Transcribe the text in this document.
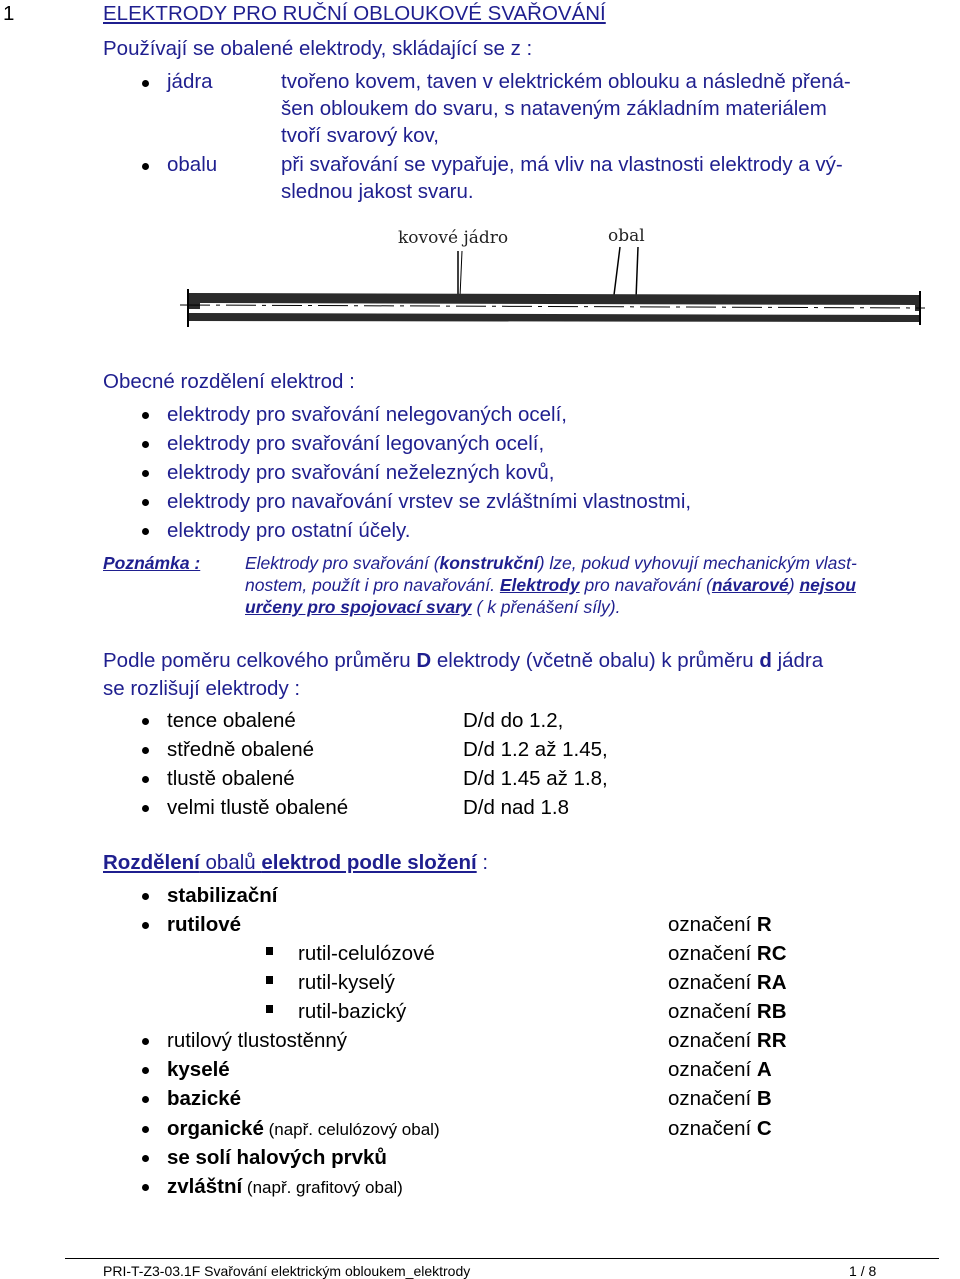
1	ELEKTRODY PRO RUČNÍ OBLOUKOVÉ SVAŘOVÁNÍ
Používají se obalené elektrody, skládající se z :
jádra	tvořeno kovem, taven v elektrickém oblouku a následně přená-
šen obloukem do svaru, s nataveným základním materiálem
tvoří svarový kov,
obalu	při svařování se vypařuje, má vliv na vlastnosti elektrody a vý-
slednou jakost svaru.
kovové jádro	obal
Obecné rozdělení elektrod :
elektrody pro svařování nelegovaných ocelí,
elektrody pro svařování legovaných ocelí,
elektrody pro svařování neželezných kovů,
elektrody pro navařování vrstev se zvláštními vlastnostmi,
elektrody pro ostatní účely.
Poznámka :	Elektrody pro svařování (konstrukční) lze, pokud vyhovují mechanickým vlast-
nostem, použít i pro navařování. Elektrody pro navařování (návarové) nejsou
určeny pro spojovací svary ( k přenášení síly).
Podle poměru celkového průměru D elektrody (včetně obalu) k průměru d jádra
se rozlišují elektrody :
tence obalené	D/d do 1.2,
středně obalené	D/d 1.2 až 1.45,
tlustě obalené	D/d 1.45 až 1.8,
velmi tlustě obalené	D/d nad 1.8
Rozdělení obalů elektrod podle složení :
stabilizační
rutilové	označení R
rutil-celulózové	označení RC
rutil-kyselý	označení RA
rutil-bazický	označení RB
rutilový tlustostěnný	označení RR
kyselé	označení A
bazické	označení B
organické (např. celulózový obal)	označení C
se solí halových prvků
zvláštní (např. grafitový obal)
PRI-T-Z3-03.1F Svařování elektrickým obloukem_elektrody	1 / 8
